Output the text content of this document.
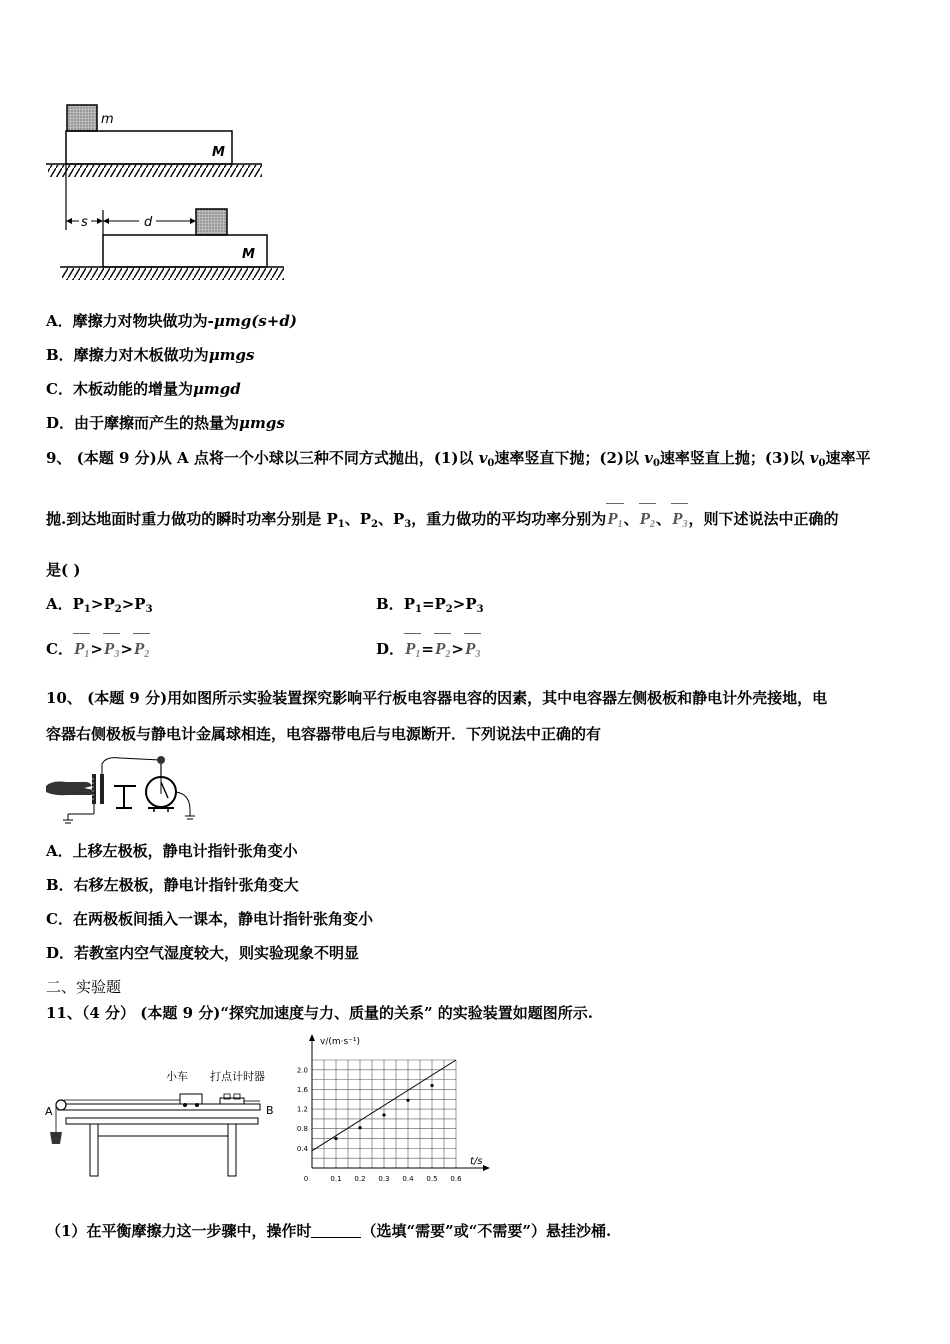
m
M
s	d
M
A．摩擦力对物块做功为-μmg(s+d)
B．摩擦力对木板做功为μmgs
C．木板动能的增量为μmgd
D．由于摩擦而产生的热量为μmgs
9、 (本题 9 分)从 A 点将一个小球以三种不同方式抛出，(1)以 $v_0$速率竖直下抛；(2)以 $v_0$速率竖直上抛；(3)以 $v_0$速率平
抛.到达地面时重力做功的瞬时功率分别是 $P_1$、$P_2$、$P_3$，重力做功的平均功率分别为$P_1$、$P_2$、$P_3$，则下述说法中正确的
是( )
A．$P_1>P_2>P_3$	B．$P_1=P_2>P_3$
C．$P_1>P_3>P_2$	D．$P_1=P_2>P_3$
10、 (本题 9 分)用如图所示实验装置探究影响平行板电容器电容的因素，其中电容器左侧极板和静电计外壳接地，电
容器右侧极板与静电计金属球相连，电容器带电后与电源断开．下列说法中正确的有
A．上移左极板，静电计指针张角变小
B．右移左极板，静电计指针张角变大
C．在两极板间插入一课本，静电计指针张角变小
D．若教室内空气湿度较大，则实验现象不明显
二、实验题
11、（4 分） (本题 9 分)“探究加速度与力、质量的关系” 的实验装置如题图所示.
小车 打点计时器
A	B
0	0.1 0.2 0.3 0.4 0.5 0.6
0.4
0.8
1.2
1.6
2.0
t/s
v/(m·s⁻¹)
（1）在平衡摩擦力这一步骤中，操作时	（选填“需要”或“不需要”）悬挂沙桶.
